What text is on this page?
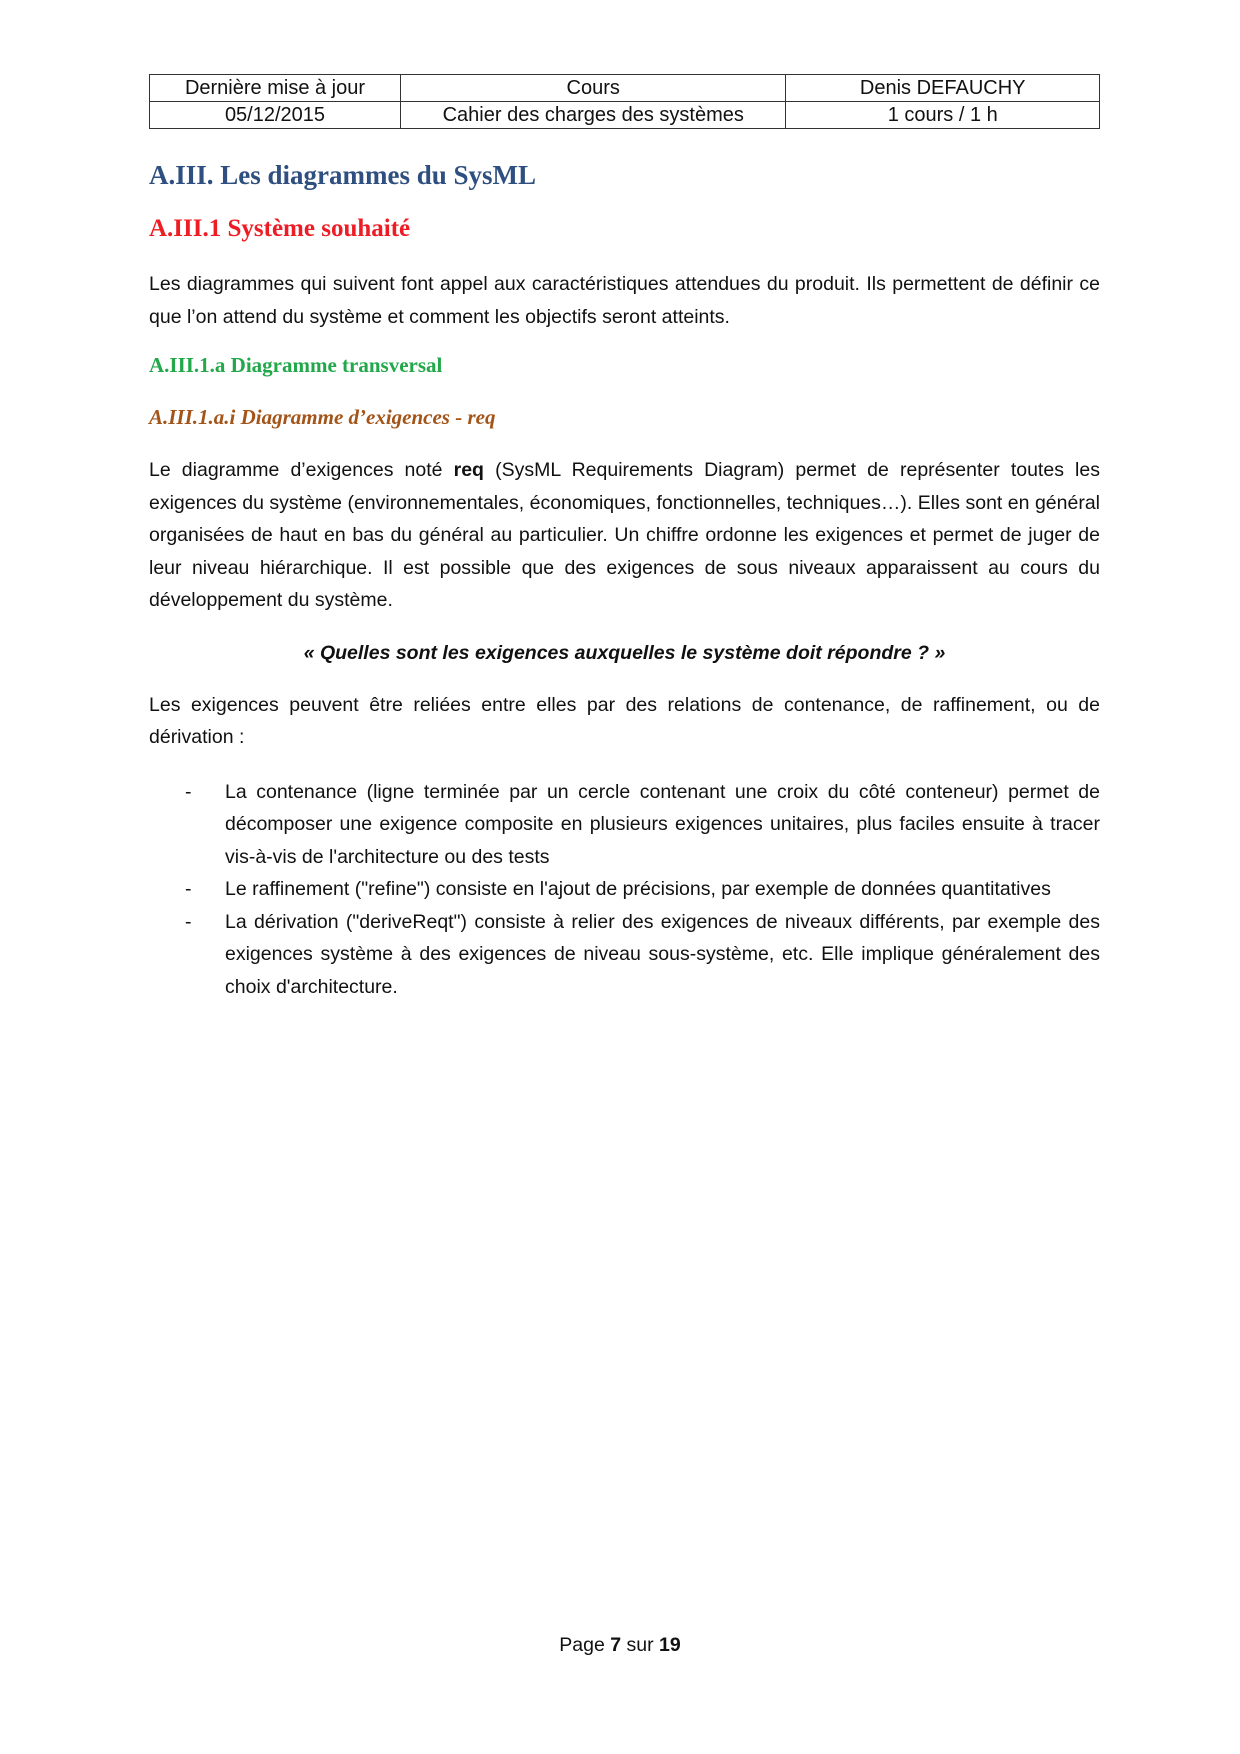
Dernière mise à jour	Cours	Denis DEFAUCHY
05/12/2015	Cahier des charges des systèmes	1 cours / 1 h
A.III. Les diagrammes du SysML
A.III.1 Système souhaité

Les diagrammes qui suivent font appel aux caractéristiques attendues du produit. Ils permettent de définir ce que l’on attend du système et comment les objectifs seront atteints.

A.III.1.a Diagramme transversal
A.III.1.a.i Diagramme d’exigences - req

Le diagramme d’exigences noté req (SysML Requirements Diagram) permet de représenter toutes les exigences du système (environnementales, économiques, fonctionnelles, techniques…). Elles sont en général organisées de haut en bas du général au particulier. Un chiffre ordonne les exigences et permet de juger de leur niveau hiérarchique. Il est possible que des exigences de sous niveaux apparaissent au cours du développement du système.

« Quelles sont les exigences auxquelles le système doit répondre ? »

Les exigences peuvent être reliées entre elles par des relations de contenance, de raffinement, ou de dérivation :

- La contenance (ligne terminée par un cercle contenant une croix du côté conteneur) permet de décomposer une exigence composite en plusieurs exigences unitaires, plus faciles ensuite à tracer vis-à-vis de l'architecture ou des tests
- Le raffinement ("refine") consiste en l'ajout de précisions, par exemple de données quantitatives
- La dérivation ("deriveReqt") consiste à relier des exigences de niveaux différents, par exemple des exigences système à des exigences de niveau sous-système, etc. Elle implique généralement des choix d'architecture.
Page 7 sur 19
